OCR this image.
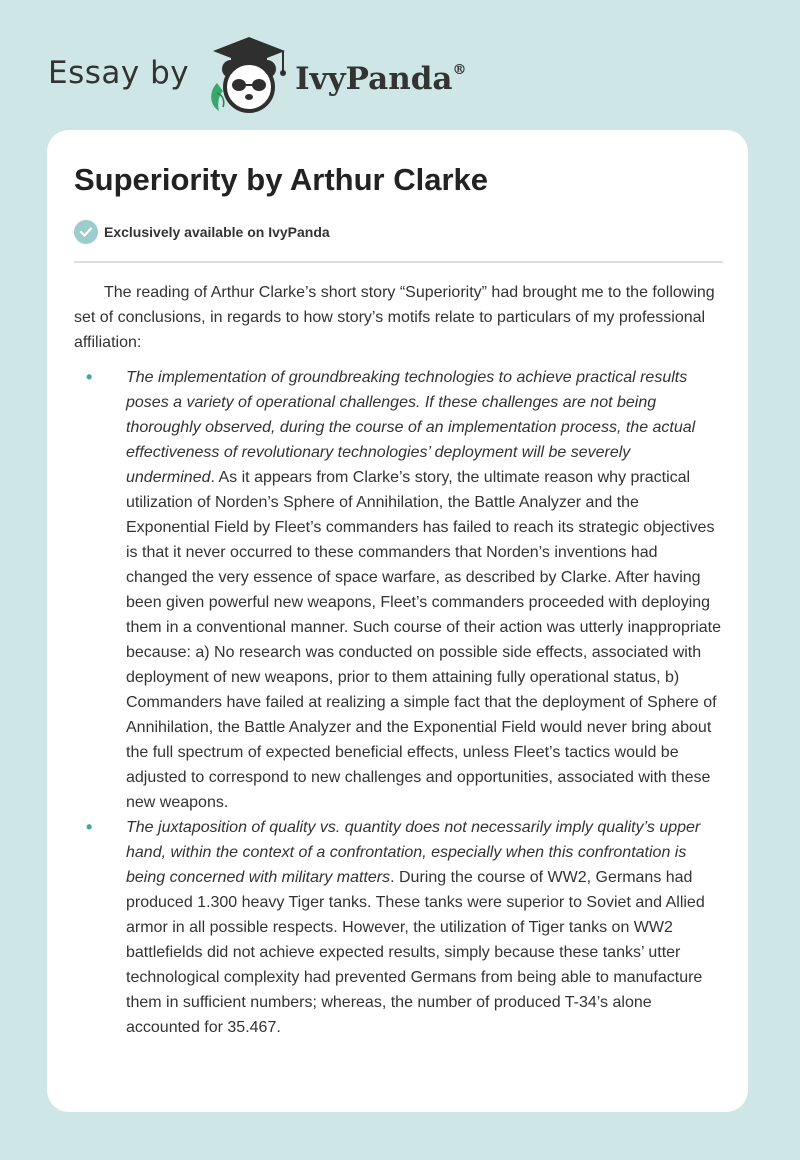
Essay by	IvyPanda®
Superiority by Arthur Clarke
Exclusively available on IvyPanda

The reading of Arthur Clarke’s short story “Superiority” had brought me to the following set of conclusions, in regards to how story’s motifs relate to particulars of my professional affiliation:

• The implementation of groundbreaking technologies to achieve practical results poses a variety of operational challenges. If these challenges are not being thoroughly observed, during the course of an implementation process, the actual effectiveness of revolutionary technologies’ deployment will be severely undermined. As it appears from Clarke’s story, the ultimate reason why practical utilization of Norden’s Sphere of Annihilation, the Battle Analyzer and the Exponential Field by Fleet’s commanders has failed to reach its strategic objectives is that it never occurred to these commanders that Norden’s inventions had changed the very essence of space warfare, as described by Clarke. After having been given powerful new weapons, Fleet’s commanders proceeded with deploying them in a conventional manner. Such course of their action was utterly inappropriate because: a) No research was conducted on possible side effects, associated with deployment of new weapons, prior to them attaining fully operational status, b) Commanders have failed at realizing a simple fact that the deployment of Sphere of Annihilation, the Battle Analyzer and the Exponential Field would never bring about the full spectrum of expected beneficial effects, unless Fleet’s tactics would be adjusted to correspond to new challenges and opportunities, associated with these new weapons.
• The juxtaposition of quality vs. quantity does not necessarily imply quality’s upper hand, within the context of a confrontation, especially when this confrontation is being concerned with military matters. During the course of WW2, Germans had produced 1.300 heavy Tiger tanks. These tanks were superior to Soviet and Allied armor in all possible respects. However, the utilization of Tiger tanks on WW2 battlefields did not achieve expected results, simply because these tanks’ utter technological complexity had prevented Germans from being able to manufacture them in sufficient numbers; whereas, the number of produced T-34’s alone accounted for 35.467.
